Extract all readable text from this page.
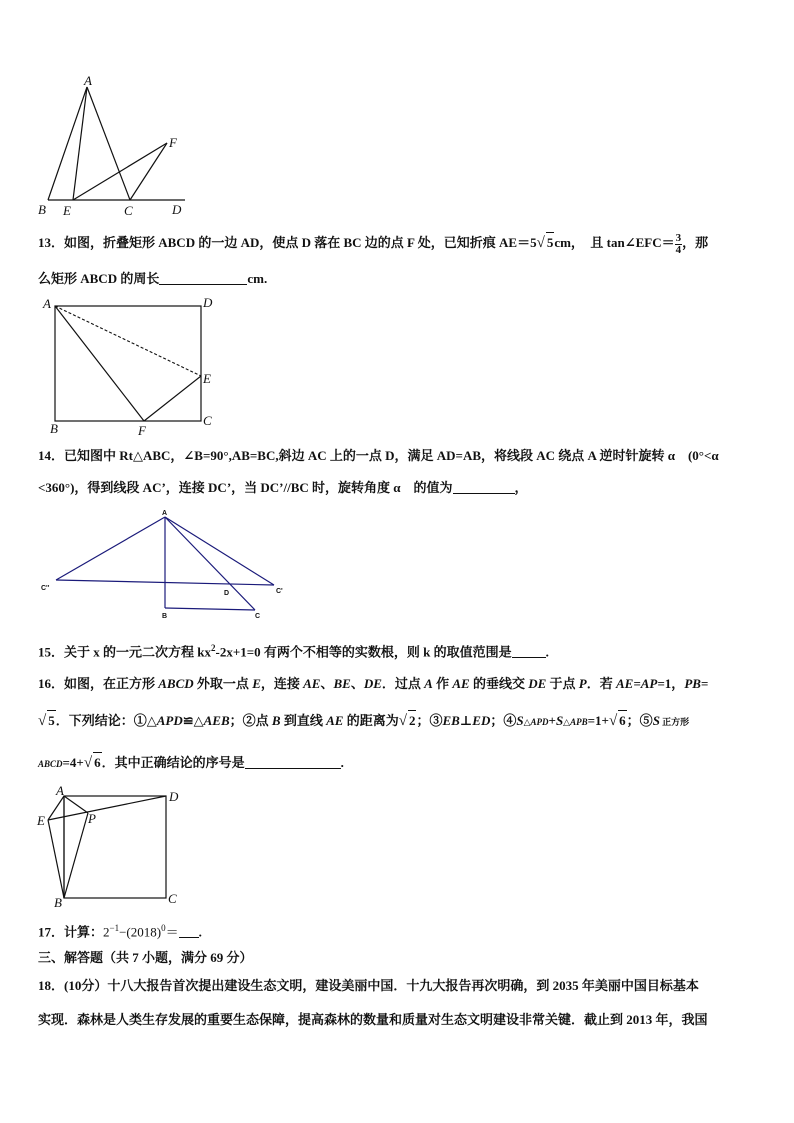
A
B E	C	D
F
13．如图，折叠矩形 ABCD 的一边 AD，使点 D 落在 BC 边的点 F 处，已知折痕 AE＝5√ 5cm，　且 tan∠EFC＝ $\frac{3}{4}$ ，那
么矩形 ABCD 的周长	cm.
A	D
E
B	F
C
14．已知图中 Rt△ABC，∠B=90°,AB=BC,斜边 AC 上的一点 D，满足 AD=AB，将线段 AC 绕点 A 逆时针旋转 α　(0°<α
<360°)，得到线段 AC’，连接 DC’，当 DC’//BC 时，旋转角度 α　的值为	，
A
C''
D	C'
B	C
15．关于 x 的一元二次方程 $kx^2-2x+1=0$ 有两个不相等的实数根，则 k 的取值范围是	.
16．如图，在正方形 ABCD 外取一点 E，连接 AE、BE、DE．过点 A 作 AE 的垂线交 DE 于点 P．若 AE=AP=1，PB=
√ 5．下列结论：①△APD≌△AEB；②点 B 到直线 AE 的距离为√ 2；③EB⊥ED；④S△APD+S△APB=1+√ 6；⑤S 正方形
ABCD=4+√ 6．其中正确结论的序号是	.
A	D
E	P
B	C
17．计算：$2^{-1}-(2018)^0=$ .
三、解答题（共 7 小题，满分 69 分）
18．(10分）十八大报告首次提出建设生态文明，建设美丽中国．十九大报告再次明确，到 2035 年美丽中国目标基本
实现．森林是人类生存发展的重要生态保障，提高森林的数量和质量对生态文明建设非常关键．截止到 2013 年，我国
